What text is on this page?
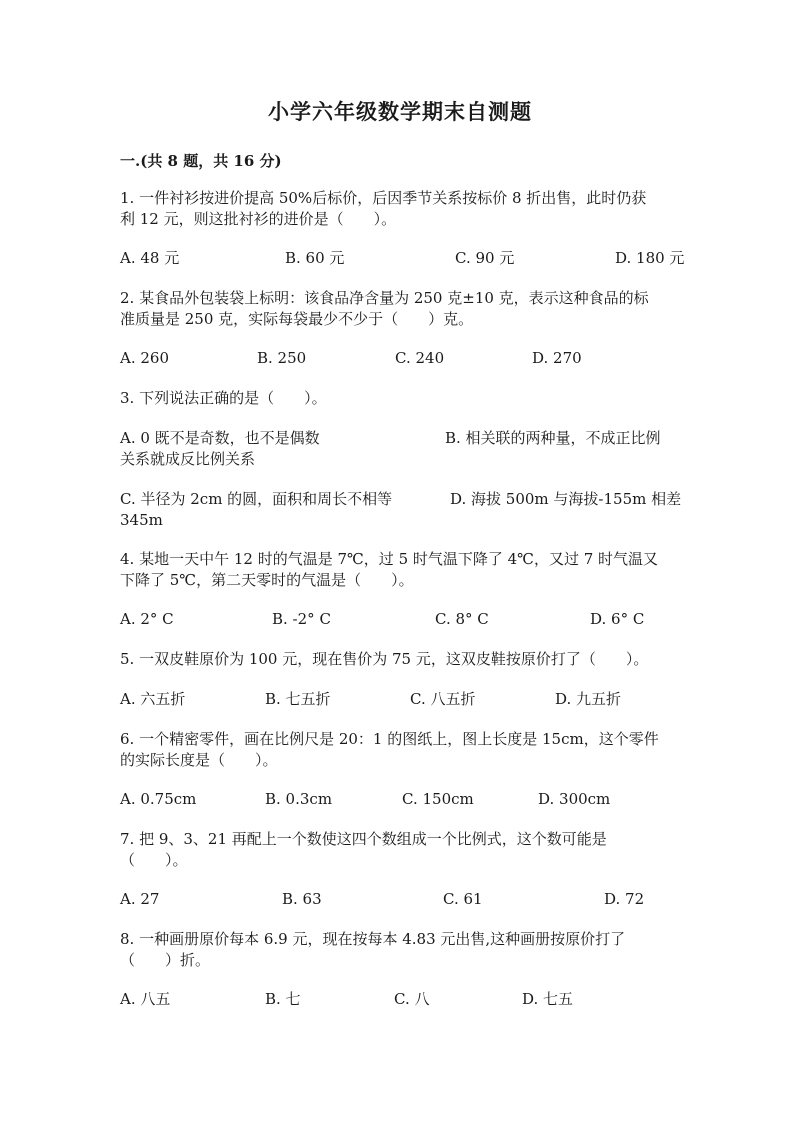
小学六年级数学期末自测题
一.(共 8 题，共 16 分)
1. 一件衬衫按进价提高 50%后标价，后因季节关系按标价 8 折出售，此时仍获
利 12 元，则这批衬衫的进价是（　　）。
A. 48 元	B. 60 元	C. 90 元	D. 180 元
2. 某食品外包装袋上标明：该食品净含量为 250 克±10 克，表示这种食品的标
准质量是 250 克，实际每袋最少不少于（　　）克。
A. 260	B. 250	C. 240	D. 270
3. 下列说法正确的是（　　）。
A. 0 既不是奇数，也不是偶数	B. 相关联的两种量，不成正比例
关系就成反比例关系
C. 半径为 2cm 的圆，面积和周长不相等	D. 海拔 500m 与海拔-155m 相差
345m
4. 某地一天中午 12 时的气温是 7℃，过 5 时气温下降了 4℃，又过 7 时气温又
下降了 5℃，第二天零时的气温是（　　）。
A. 2° C	B. -2° C	C. 8° C	D. 6° C
5. 一双皮鞋原价为 100 元，现在售价为 75 元，这双皮鞋按原价打了（　　）。
A. 六五折	B. 七五折	C. 八五折	D. 九五折
6. 一个精密零件，画在比例尺是 20：1 的图纸上，图上长度是 15cm，这个零件
的实际长度是（　　）。
A. 0.75cm	B. 0.3cm	C. 150cm	D. 300cm
7. 把 9、3、21 再配上一个数使这四个数组成一个比例式，这个数可能是
（　　）。
A. 27	B. 63	C. 61	D. 72
8. 一种画册原价每本 6.9 元，现在按每本 4.83 元出售,这种画册按原价打了
（　　）折。
A. 八五	B. 七	C. 八	D. 七五
